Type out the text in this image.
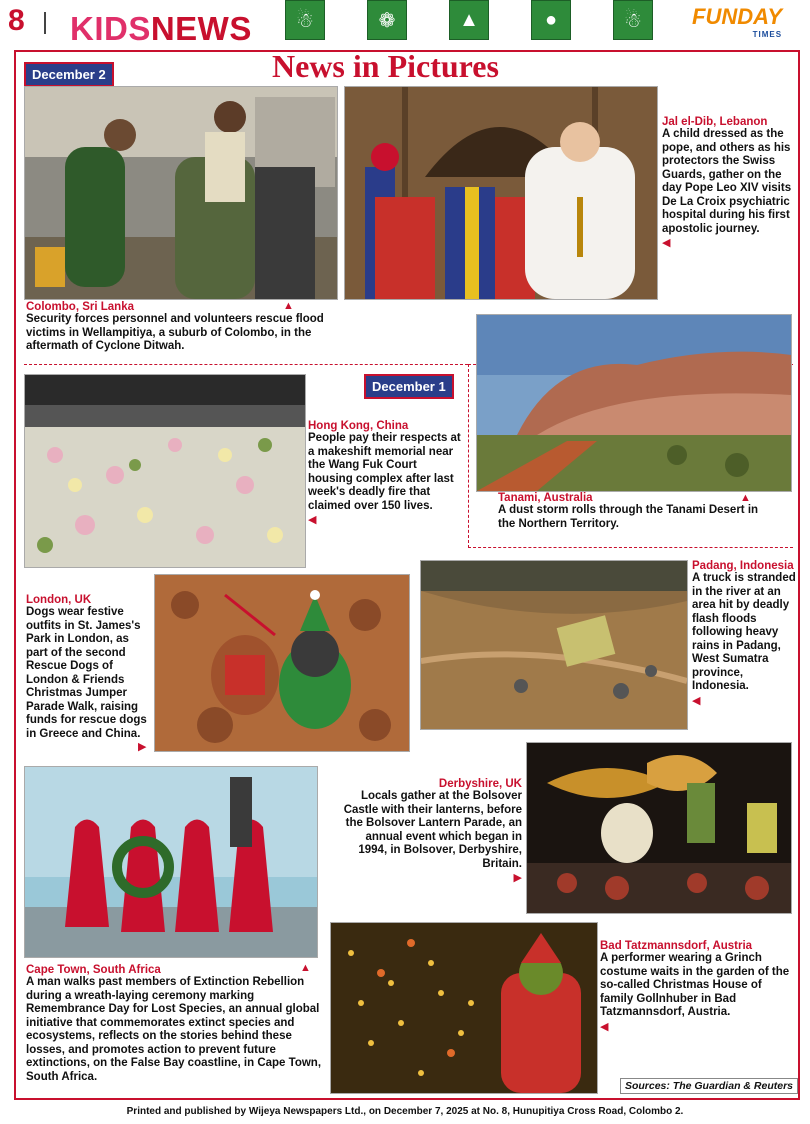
8 KIDSNEWS	☃	❁	▲	●	☃	FUNDAY
TIMES
December 2	News in Pictures
▲
Colombo, Sri Lanka
Security forces personnel and volunteers rescue flood victims in Wellampitiya, a suburb of Colombo, in the aftermath of Cyclone Ditwah.
Jal el-Dib, Lebanon
A child dressed as the pope, and others as his protectors the Swiss Guards, gather on the day Pope Leo XIV visits De La Croix psychiatric hospital during his first apostolic journey.
◀
December 1
▲
Tanami, Australia
A dust storm rolls through the Tanami Desert in the Northern Territory.
Hong Kong, China
People pay their respects at a makeshift memorial near the Wang Fuk Court housing complex after last week's deadly fire that claimed over 150 lives.
◀
London, UK
Dogs wear festive outfits in St. James's Park in London, as part of the second Rescue Dogs of London & Friends Christmas Jumper Parade Walk, raising funds for rescue dogs in Greece and China.
▶
Padang, Indonesia
A truck is stranded in the river at an area hit by deadly flash floods following heavy rains in Padang, West Sumatra province, Indonesia.
◀
▲
Cape Town, South Africa
A man walks past members of Extinction Rebellion during a wreath-laying ceremony marking Remembrance Day for Lost Species, an annual global initiative that commemorates extinct species and ecosystems, reflects on the stories behind these losses, and promotes action to prevent future extinctions, on the False Bay coastline, in Cape Town, South Africa.
Derbyshire, UK
Locals gather at the Bolsover Castle with their lanterns, before the Bolsover Lantern Parade, an annual event which began in 1994, in Bolsover, Derbyshire, Britain.
▶
Bad Tatzmannsdorf, Austria
A performer wearing a Grinch costume waits in the garden of the so-called Christmas House of family Gollnhuber in Bad Tatzmannsdorf, Austria.
◀
Sources: The Guardian & Reuters
Printed and published by Wijeya Newspapers Ltd., on December 7, 2025 at No. 8, Hunupitiya Cross Road, Colombo 2.
